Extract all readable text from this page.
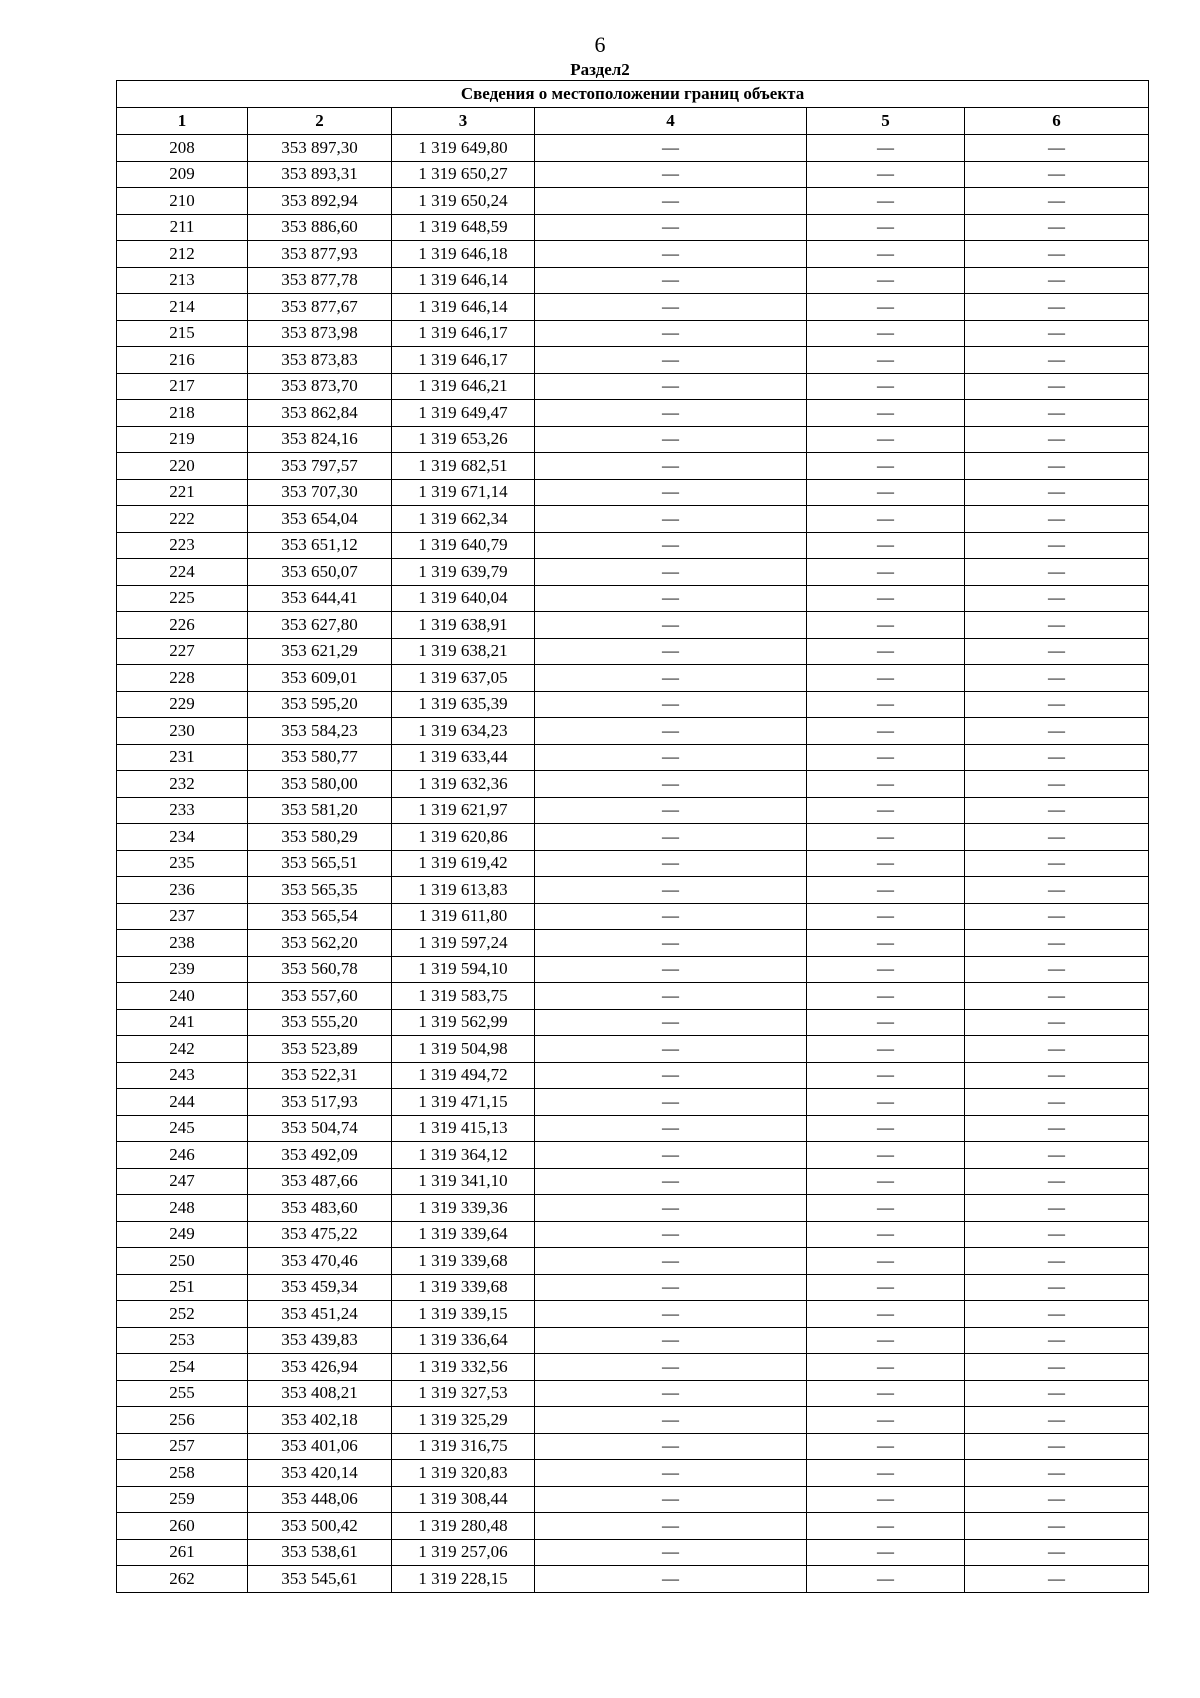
6
Раздел2
Сведения о местоположении границ объекта					
1	2	3	4	5	6
208	353 897,30	1 319 649,80	—	—	—
209	353 893,31	1 319 650,27	—	—	—
210	353 892,94	1 319 650,24	—	—	—
211	353 886,60	1 319 648,59	—	—	—
212	353 877,93	1 319 646,18	—	—	—
213	353 877,78	1 319 646,14	—	—	—
214	353 877,67	1 319 646,14	—	—	—
215	353 873,98	1 319 646,17	—	—	—
216	353 873,83	1 319 646,17	—	—	—
217	353 873,70	1 319 646,21	—	—	—
218	353 862,84	1 319 649,47	—	—	—
219	353 824,16	1 319 653,26	—	—	—
220	353 797,57	1 319 682,51	—	—	—
221	353 707,30	1 319 671,14	—	—	—
222	353 654,04	1 319 662,34	—	—	—
223	353 651,12	1 319 640,79	—	—	—
224	353 650,07	1 319 639,79	—	—	—
225	353 644,41	1 319 640,04	—	—	—
226	353 627,80	1 319 638,91	—	—	—
227	353 621,29	1 319 638,21	—	—	—
228	353 609,01	1 319 637,05	—	—	—
229	353 595,20	1 319 635,39	—	—	—
230	353 584,23	1 319 634,23	—	—	—
231	353 580,77	1 319 633,44	—	—	—
232	353 580,00	1 319 632,36	—	—	—
233	353 581,20	1 319 621,97	—	—	—
234	353 580,29	1 319 620,86	—	—	—
235	353 565,51	1 319 619,42	—	—	—
236	353 565,35	1 319 613,83	—	—	—
237	353 565,54	1 319 611,80	—	—	—
238	353 562,20	1 319 597,24	—	—	—
239	353 560,78	1 319 594,10	—	—	—
240	353 557,60	1 319 583,75	—	—	—
241	353 555,20	1 319 562,99	—	—	—
242	353 523,89	1 319 504,98	—	—	—
243	353 522,31	1 319 494,72	—	—	—
244	353 517,93	1 319 471,15	—	—	—
245	353 504,74	1 319 415,13	—	—	—
246	353 492,09	1 319 364,12	—	—	—
247	353 487,66	1 319 341,10	—	—	—
248	353 483,60	1 319 339,36	—	—	—
249	353 475,22	1 319 339,64	—	—	—
250	353 470,46	1 319 339,68	—	—	—
251	353 459,34	1 319 339,68	—	—	—
252	353 451,24	1 319 339,15	—	—	—
253	353 439,83	1 319 336,64	—	—	—
254	353 426,94	1 319 332,56	—	—	—
255	353 408,21	1 319 327,53	—	—	—
256	353 402,18	1 319 325,29	—	—	—
257	353 401,06	1 319 316,75	—	—	—
258	353 420,14	1 319 320,83	—	—	—
259	353 448,06	1 319 308,44	—	—	—
260	353 500,42	1 319 280,48	—	—	—
261	353 538,61	1 319 257,06	—	—	—
262	353 545,61	1 319 228,15	—	—	—
